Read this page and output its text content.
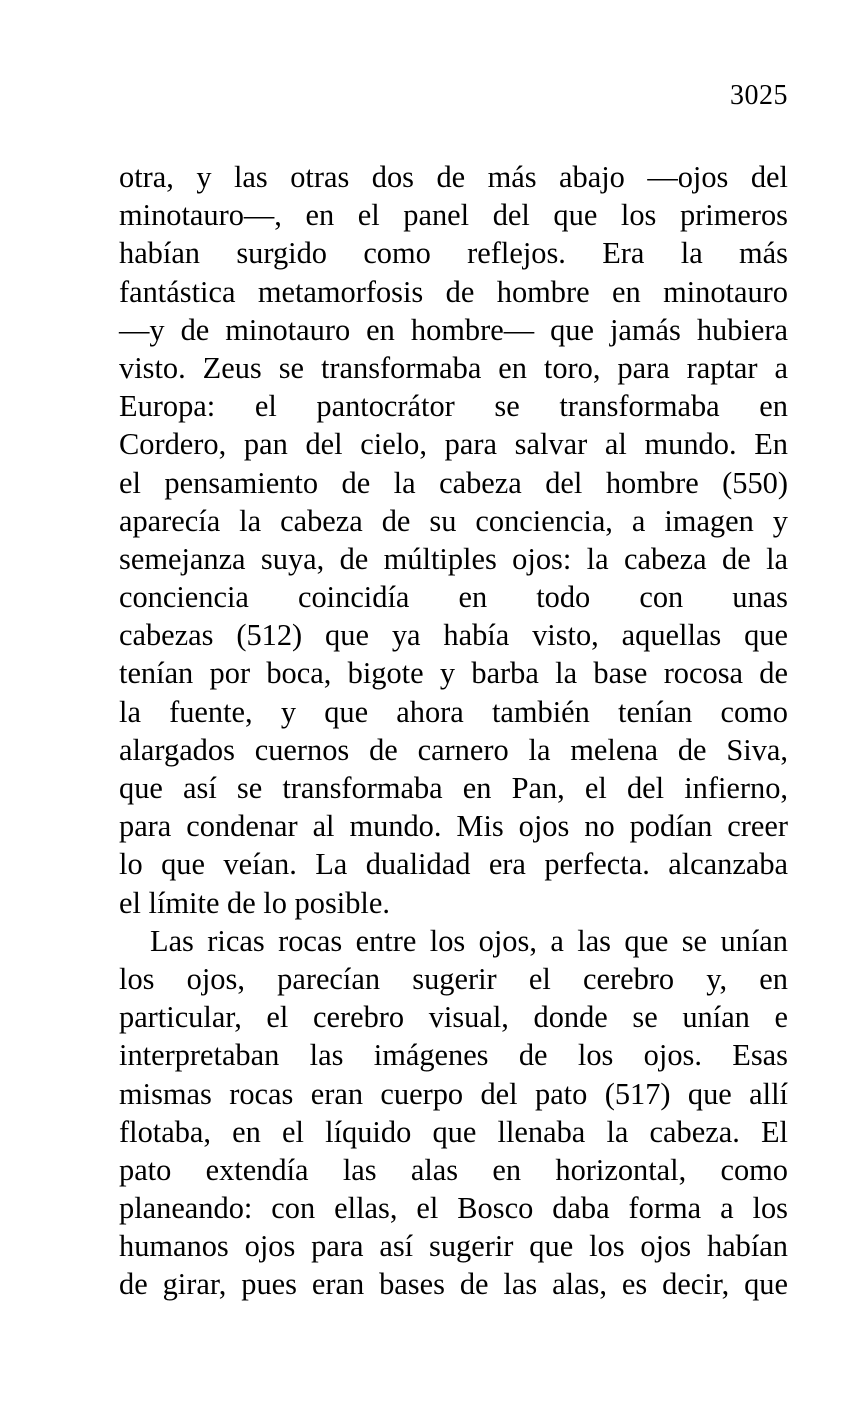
3025
otra, y las otras dos de más abajo —ojos del
minotauro—, en el panel del que los primeros
habían surgido como reflejos. Era la más
fantástica metamorfosis de hombre en minotauro
—y de minotauro en hombre— que jamás hubiera
visto. Zeus se transformaba en toro, para raptar a
Europa: el pantocrátor se transformaba en
Cordero, pan del cielo, para salvar al mundo. En
el pensamiento de la cabeza del hombre (550)
aparecía la cabeza de su conciencia, a imagen y
semejanza suya, de múltiples ojos: la cabeza de la
conciencia coincidía en todo con unas
cabezas (512) que ya había visto, aquellas que
tenían por boca, bigote y barba la base rocosa de
la fuente, y que ahora también tenían como
alargados cuernos de carnero la melena de Siva,
que así se transformaba en Pan, el del infierno,
para condenar al mundo. Mis ojos no podían creer
lo que veían. La dualidad era perfecta. alcanzaba
el límite de lo posible.
Las ricas rocas entre los ojos, a las que se unían
los ojos, parecían sugerir el cerebro y, en
particular, el cerebro visual, donde se unían e
interpretaban las imágenes de los ojos. Esas
mismas rocas eran cuerpo del pato (517) que allí
flotaba, en el líquido que llenaba la cabeza. El
pato extendía las alas en horizontal, como
planeando: con ellas, el Bosco daba forma a los
humanos ojos para así sugerir que los ojos habían
de girar, pues eran bases de las alas, es decir, que
